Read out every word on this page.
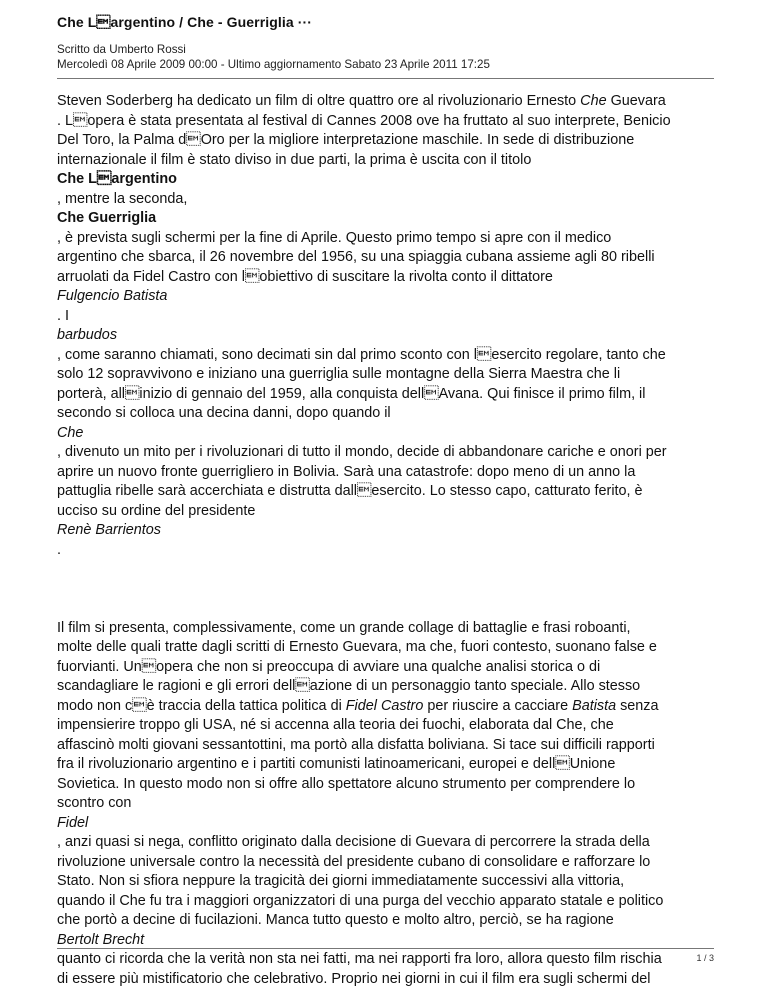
Che Largentino / Che - Guerriglia ···
Scritto da Umberto Rossi
Mercoledì 08 Aprile 2009 00:00 - Ultimo aggiornamento Sabato 23 Aprile 2011 17:25
Steven Soderberg ha dedicato un film di oltre quattro ore al rivoluzionario Ernesto Che Guevara
. Lopera è stata presentata al festival di Cannes 2008 ove ha fruttato al suo interprete, Benicio
Del Toro, la Palma dOro per la migliore interpretazione maschile. In sede di distribuzione
internazionale il film è stato diviso in due parti, la prima è uscita con il titolo
Che Largentino
, mentre la seconda,
Che Guerriglia
, è prevista sugli schermi per la fine di Aprile. Questo primo tempo si apre con il medico
argentino che sbarca, il 26 novembre del 1956, su una spiaggia cubana assieme agli 80 ribelli
arruolati da Fidel Castro con lobiettivo di suscitare la rivolta conto il dittatore
Fulgencio Batista
. I
barbudos
, come saranno chiamati, sono decimati sin dal primo sconto con lesercito regolare, tanto che
solo 12 sopravvivono e iniziano una guerriglia sulle montagne della Sierra Maestra che li
porterà, allinizio di gennaio del 1959, alla conquista dellAvana. Qui finisce il primo film, il
secondo si colloca una decina danni, dopo quando il
Che
, divenuto un mito per i rivoluzionari di tutto il mondo, decide di abbandonare cariche e onori per
aprire un nuovo fronte guerrigliero in Bolivia. Sarà una catastrofe: dopo meno di un anno la
pattuglia ribelle sarà accerchiata e distrutta dallesercito. Lo stesso capo, catturato ferito, è
ucciso su ordine del presidente
Renè Barrientos
.
Il film si presenta, complessivamente, come un grande collage di battaglie e frasi roboanti,
molte delle quali tratte dagli scritti di Ernesto Guevara, ma che, fuori contesto, suonano false e
fuorvianti. Unopera che non si preoccupa di avviare una qualche analisi storica o di
scandagliare le ragioni e gli errori dellazione di un personaggio tanto speciale. Allo stesso
modo non cè traccia della tattica politica di Fidel Castro per riuscire a cacciare Batista senza
impensierire troppo gli USA, né si accenna alla teoria dei fuochi, elaborata dal Che, che
affascinò molti giovani sessantottini, ma portò alla disfatta boliviana. Si tace sui difficili rapporti
fra il rivoluzionario argentino e i partiti comunisti latinoamericani, europei e dellUnione
Sovietica. In questo modo non si offre allo spettatore alcuno strumento per comprendere lo
scontro con
Fidel
, anzi quasi si nega, conflitto originato dalla decisione di Guevara di percorrere la strada della
rivoluzione universale contro la necessità del presidente cubano di consolidare e rafforzare lo
Stato. Non si sfiora neppure la tragicità dei giorni immediatamente successivi alla vittoria,
quando il Che fu tra i maggiori organizzatori di una purga del vecchio apparato statale e politico
che portò a decine di fucilazioni. Manca tutto questo e molto altro, perciò, se ha ragione
Bertolt Brecht
quanto ci ricorda che la verità non sta nei fatti, ma nei rapporti fra loro, allora questo film rischia
di essere più mistificatorio che celebrativo. Proprio nei giorni in cui il film era sugli schermi del
1 / 3
